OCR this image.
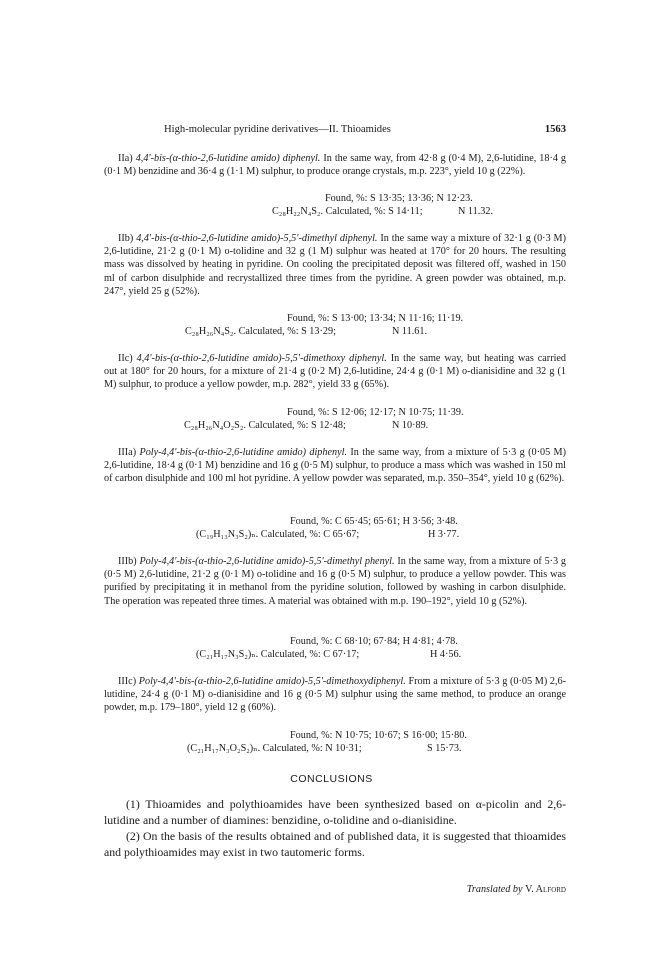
High-molecular pyridine derivatives—II. Thioamides	1563
IIa) 4,4'-bis-(α-thio-2,6-lutidine amido) diphenyl. In the same way, from 42·8 g (0·4 M), 2,6-lutidine, 18·4 g (0·1 M) benzidine and 36·4 g (1·1 M) sulphur, to produce orange crystals, m.p. 223°, yield 10 g (22%).
Found, %: S 13·35; 13·36; N 12·23.
C₂₈H₂₂N₄S₂. Calculated, %: S 14·11;	N 11.32.
IIb) 4,4'-bis-(α-thio-2,6-lutidine amido)-5,5'-dimethyl diphenyl. In the same way a mixture of 32·1 g (0·3 M) 2,6-lutidine, 21·2 g (0·1 M) o-tolidine and 32 g (1 M) sulphur was heated at 170° for 20 hours. The resulting mass was dissolved by heating in pyridine. On cooling the precipitated deposit was filtered off, washed in 150 ml of carbon disulphide and recrystallized three times from the pyridine. A green powder was obtained, m.p. 247°, yield 25 g (52%).
Found, %: S 13·00; 13·34; N 11·16; 11·19.
C₂₈H₂₆N₄S₂. Calculated, %: S 13·29;	N 11.61.
IIc) 4,4'-bis-(α-thio-2,6-lutidine amido)-5,5'-dimethoxy diphenyl. In the same way, but heating was carried out at 180° for 20 hours, for a mixture of 21·4 g (0·2 M) 2,6-lutidine, 24·4 g (0·1 M) o-dianisidine and 32 g (1 M) sulphur, to produce a yellow powder, m.p. 282°, yield 33 g (65%).
Found, %: S 12·06; 12·17; N 10·75; 11·39.
C₂₈H₂₆N₄O₂S₂. Calculated, %: S 12·48;	N 10·89.
IIIa) Poly-4,4'-bis-(α-thio-2,6-lutidine amido) diphenyl. In the same way, from a mixture of 5·3 g (0·05 M) 2,6-lutidine, 18·4 g (0·1 M) benzidine and 16 g (0·5 M) sulphur, to produce a mass which was washed in 150 ml of carbon disulphide and 100 ml hot pyridine. A yellow powder was separated, m.p. 350–354°, yield 10 g (62%).
Found, %: C 65·45; 65·61; H 3·56; 3·48.
(C₁₉H₁₃N₃S₂)ₙ. Calculated, %: C 65·67;	H 3·77.
IIIb) Poly-4,4'-bis-(α-thio-2,6-lutidine amido)-5,5'-dimethyl phenyl. In the same way, from a mixture of 5·3 g (0·5 M) 2,6-lutidine, 21·2 g (0·1 M) o-tolidine and 16 g (0·5 M) sulphur, to produce a yellow powder. This was purified by precipitating it in methanol from the pyridine solution, followed by washing in carbon disulphide. The operation was repeated three times. A material was obtained with m.p. 190–192°, yield 10 g (52%).
Found, %: C 68·10; 67·84; H 4·81; 4·78.
(C₂₁H₁₇N₃S₂)ₙ. Calculated, %: C 67·17;	H 4·56.
IIIc) Poly-4,4'-bis-(α-thio-2,6-lutidine amido)-5,5'-dimethoxydiphenyl. From a mixture of 5·3 g (0·05 M) 2,6-lutidine, 24·4 g (0·1 M) o-dianisidine and 16 g (0·5 M) sulphur using the same method, to produce an orange powder, m.p. 179–180°, yield 12 g (60%).
Found, %: N 10·75; 10·67; S 16·00; 15·80.
(C₂₁H₁₇N₃O₂S₂)ₙ. Calculated, %: N 10·31;	S 15·73.
CONCLUSIONS
(1) Thioamides and polythioamides have been synthesized based on α-picolin and 2,6-lutidine and a number of diamines: benzidine, o-tolidine and o-dianisidine.
(2) On the basis of the results obtained and of published data, it is suggested that thioamides and polythioamides may exist in two tautomeric forms.
Translated by V. Alford
